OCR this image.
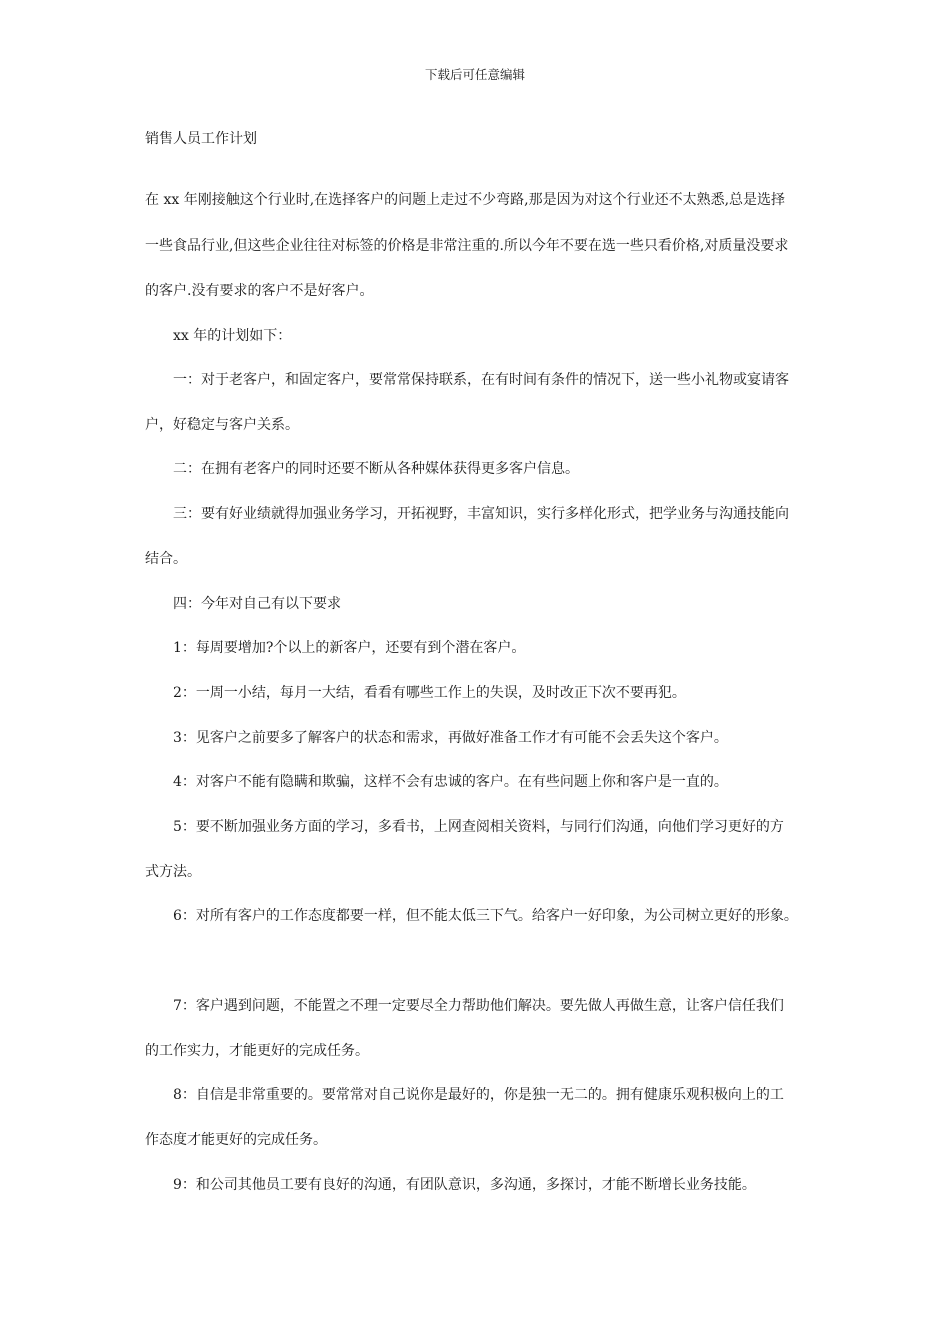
下载后可任意编辑
销售人员工作计划
在 xx 年刚接触这个行业时,在选择客户的问题上走过不少弯路,那是因为对这个行业还不太熟悉,总是选择
一些食品行业,但这些企业往往对标签的价格是非常注重的.所以今年不要在选一些只看价格,对质量没要求
的客户.没有要求的客户不是好客户。
xx 年的计划如下：
一：对于老客户，和固定客户，要常常保持联系，在有时间有条件的情况下，送一些小礼物或宴请客
户，好稳定与客户关系。
二：在拥有老客户的同时还要不断从各种媒体获得更多客户信息。
三：要有好业绩就得加强业务学习，开拓视野，丰富知识，实行多样化形式，把学业务与沟通技能向
结合。
四：今年对自己有以下要求
1：每周要增加?个以上的新客户，还要有到个潜在客户。
2：一周一小结，每月一大结，看看有哪些工作上的失误，及时改正下次不要再犯。
3：见客户之前要多了解客户的状态和需求，再做好准备工作才有可能不会丢失这个客户。
4：对客户不能有隐瞒和欺骗，这样不会有忠诚的客户。在有些问题上你和客户是一直的。
5：要不断加强业务方面的学习，多看书，上网查阅相关资料，与同行们沟通，向他们学习更好的方
式方法。
6：对所有客户的工作态度都要一样，但不能太低三下气。给客户一好印象，为公司树立更好的形象。
7：客户遇到问题，不能置之不理一定要尽全力帮助他们解决。要先做人再做生意，让客户信任我们
的工作实力，才能更好的完成任务。
8：自信是非常重要的。要常常对自己说你是最好的，你是独一无二的。拥有健康乐观积极向上的工
作态度才能更好的完成任务。
9：和公司其他员工要有良好的沟通，有团队意识，多沟通，多探讨，才能不断增长业务技能。
